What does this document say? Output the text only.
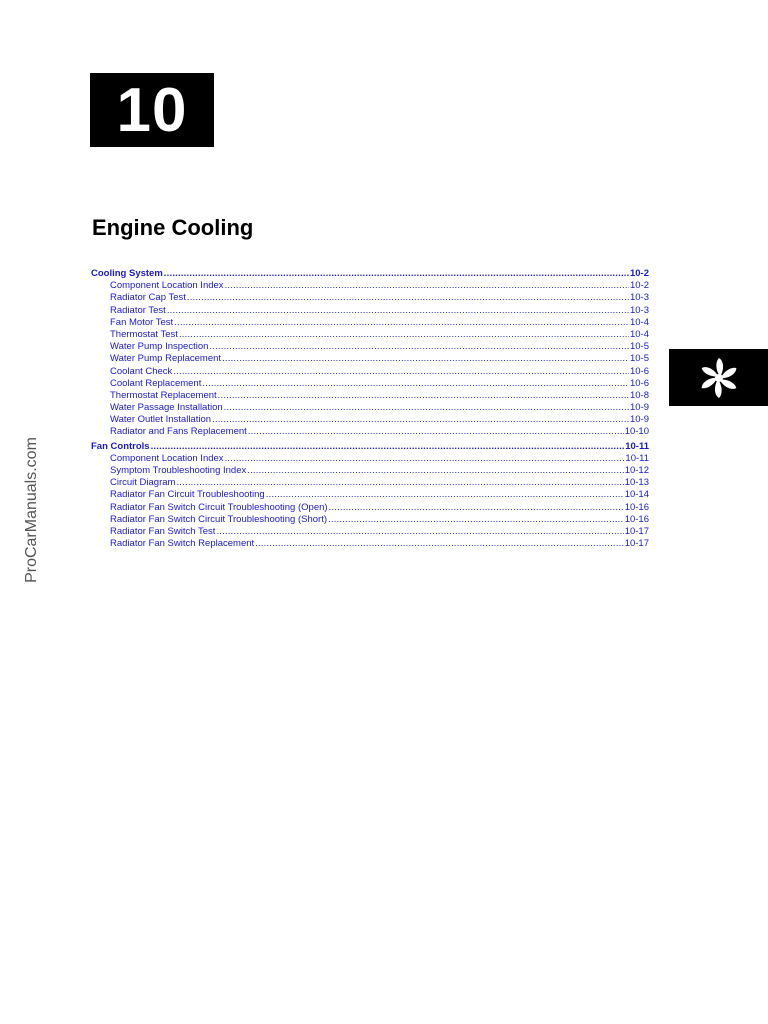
10
Engine Cooling
Cooling System .....	10-2
Component Location Index .....	10-2
Radiator Cap Test .....	10-3
Radiator Test .....	10-3
Fan Motor Test .....	10-4
Thermostat Test .....	10-4
Water Pump Inspection .....	10-5
Water Pump Replacement .....	10-5
Coolant Check .....	10-6
Coolant Replacement .....	10-6
Thermostat Replacement .....	10-8
Water Passage Installation .....	10-9
Water Outlet Installation .....	10-9
Radiator and Fans Replacement .....	10-10
Fan Controls .....	10-11
Component Location Index .....	10-11
Symptom Troubleshooting Index .....	10-12
Circuit Diagram .....	10-13
Radiator Fan Circuit Troubleshooting .....	10-14
Radiator Fan Switch Circuit Troubleshooting (Open) .....	10-16
Radiator Fan Switch Circuit Troubleshooting (Short) .....	10-16
Radiator Fan Switch Test .....	10-17
Radiator Fan Switch Replacement .....	10-17
ProCarManuals.com
